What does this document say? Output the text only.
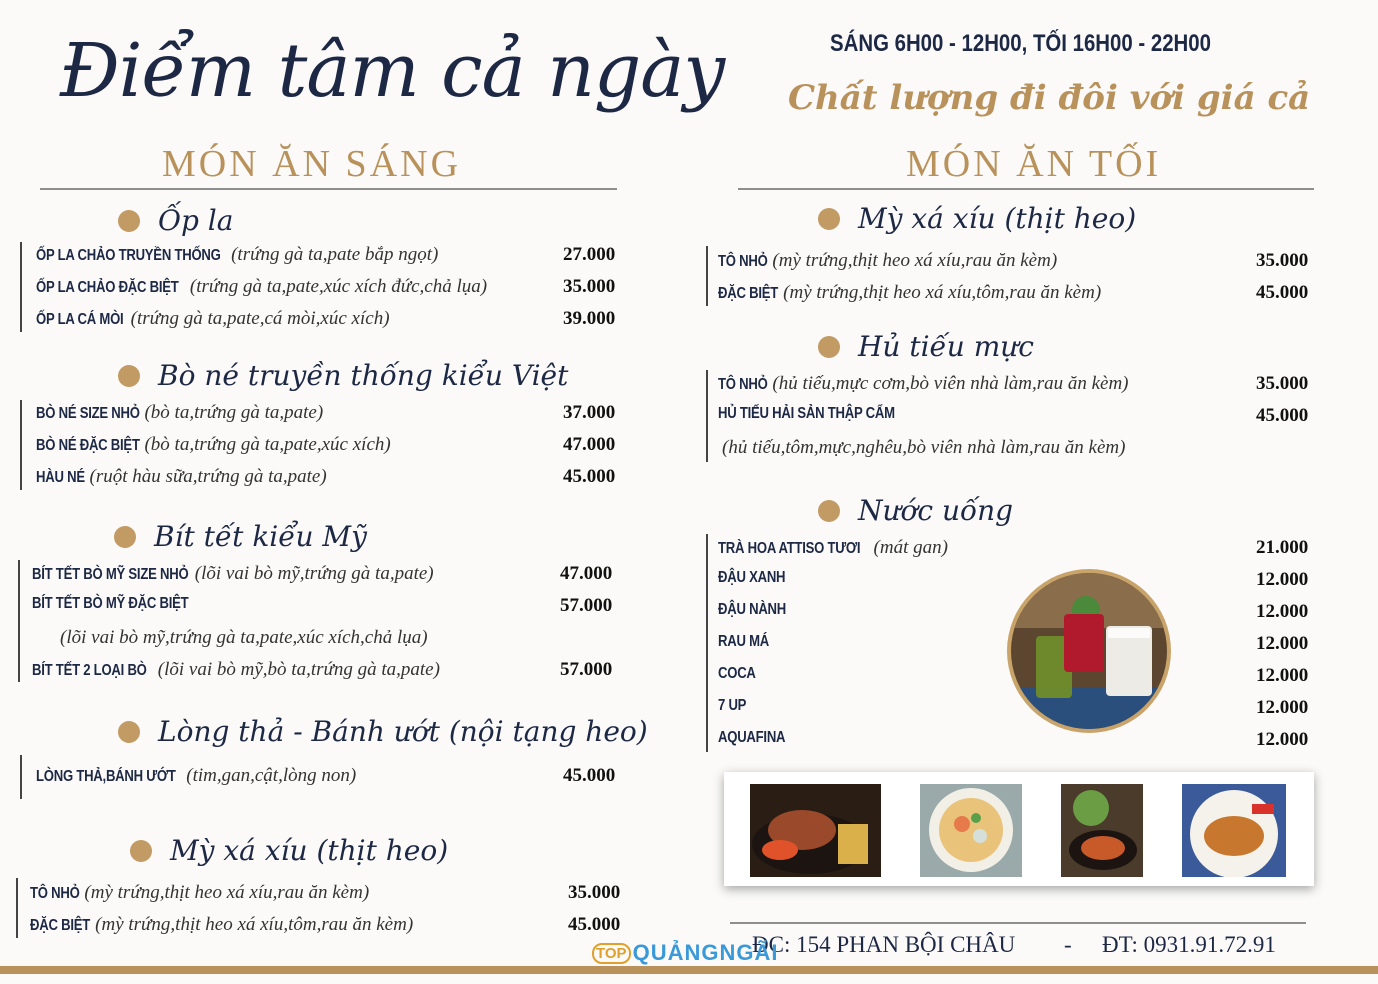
Điểm tâm cả ngày
MÓN ĂN SÁNG
Ốp la
ỐP LA CHẢO TRUYỀN THỐNG (trứng gà ta,pate bắp ngọt)	27.000
ỐP LA CHẢO ĐẶC BIỆT (trứng gà ta,pate,xúc xích đức,chả lụa)	35.000
ỐP LA CÁ MÒI (trứng gà ta,pate,cá mòi,xúc xích)	39.000
Bò né truyền thống kiểu Việt
BÒ NÉ SIZE NHỎ (bò ta,trứng gà ta,pate)	37.000
BÒ NÉ ĐẶC BIỆT (bò ta,trứng gà ta,pate,xúc xích)	47.000
HÀU NÉ (ruột hàu sữa,trứng gà ta,pate)	45.000
Bít tết kiểu Mỹ
BÍT TẾT BÒ MỸ SIZE NHỎ (lõi vai bò mỹ,trứng gà ta,pate)	47.000
BÍT TẾT BÒ MỸ ĐẶC BIỆT	57.000
(lõi vai bò mỹ,trứng gà ta,pate,xúc xích,chả lụa)
BÍT TẾT 2 LOẠI BÒ (lõi vai bò mỹ,bò ta,trứng gà ta,pate)	57.000
Lòng thả - Bánh ướt (nội tạng heo)
LÒNG THẢ,BÁNH ƯỚT (tim,gan,cật,lòng non)	45.000
Mỳ xá xíu (thịt heo)
TÔ NHỎ (mỳ trứng,thịt heo xá xíu,rau ăn kèm)	35.000
ĐẶC BIỆT (mỳ trứng,thịt heo xá xíu,tôm,rau ăn kèm)	45.000
SÁNG 6H00 - 12H00, TỐI 16H00 - 22H00
Chất lượng đi đôi với giá cả
MÓN ĂN TỐI
Mỳ xá xíu (thịt heo)
TÔ NHỎ (mỳ trứng,thịt heo xá xíu,rau ăn kèm)	35.000
ĐẶC BIỆT (mỳ trứng,thịt heo xá xíu,tôm,rau ăn kèm)	45.000
Hủ tiếu mực
TÔ NHỎ (hủ tiếu,mực cơm,bò viên nhà làm,rau ăn kèm)	35.000
HỦ TIẾU HẢI SẢN THẬP CẨM	45.000
(hủ tiếu,tôm,mực,nghêu,bò viên nhà làm,rau ăn kèm)
Nước uống
TRÀ HOA ATTISO TƯƠI (mát gan)	21.000
ĐẬU XANH	12.000
ĐẬU NÀNH	12.000
RAU MÁ	12.000
COCA	12.000
7 UP	12.000
AQUAFINA	12.000
ĐC: 154 PHAN BỘI CHÂU - ĐT: 0931.91.72.91
TOP QUẢNGNGÃI
